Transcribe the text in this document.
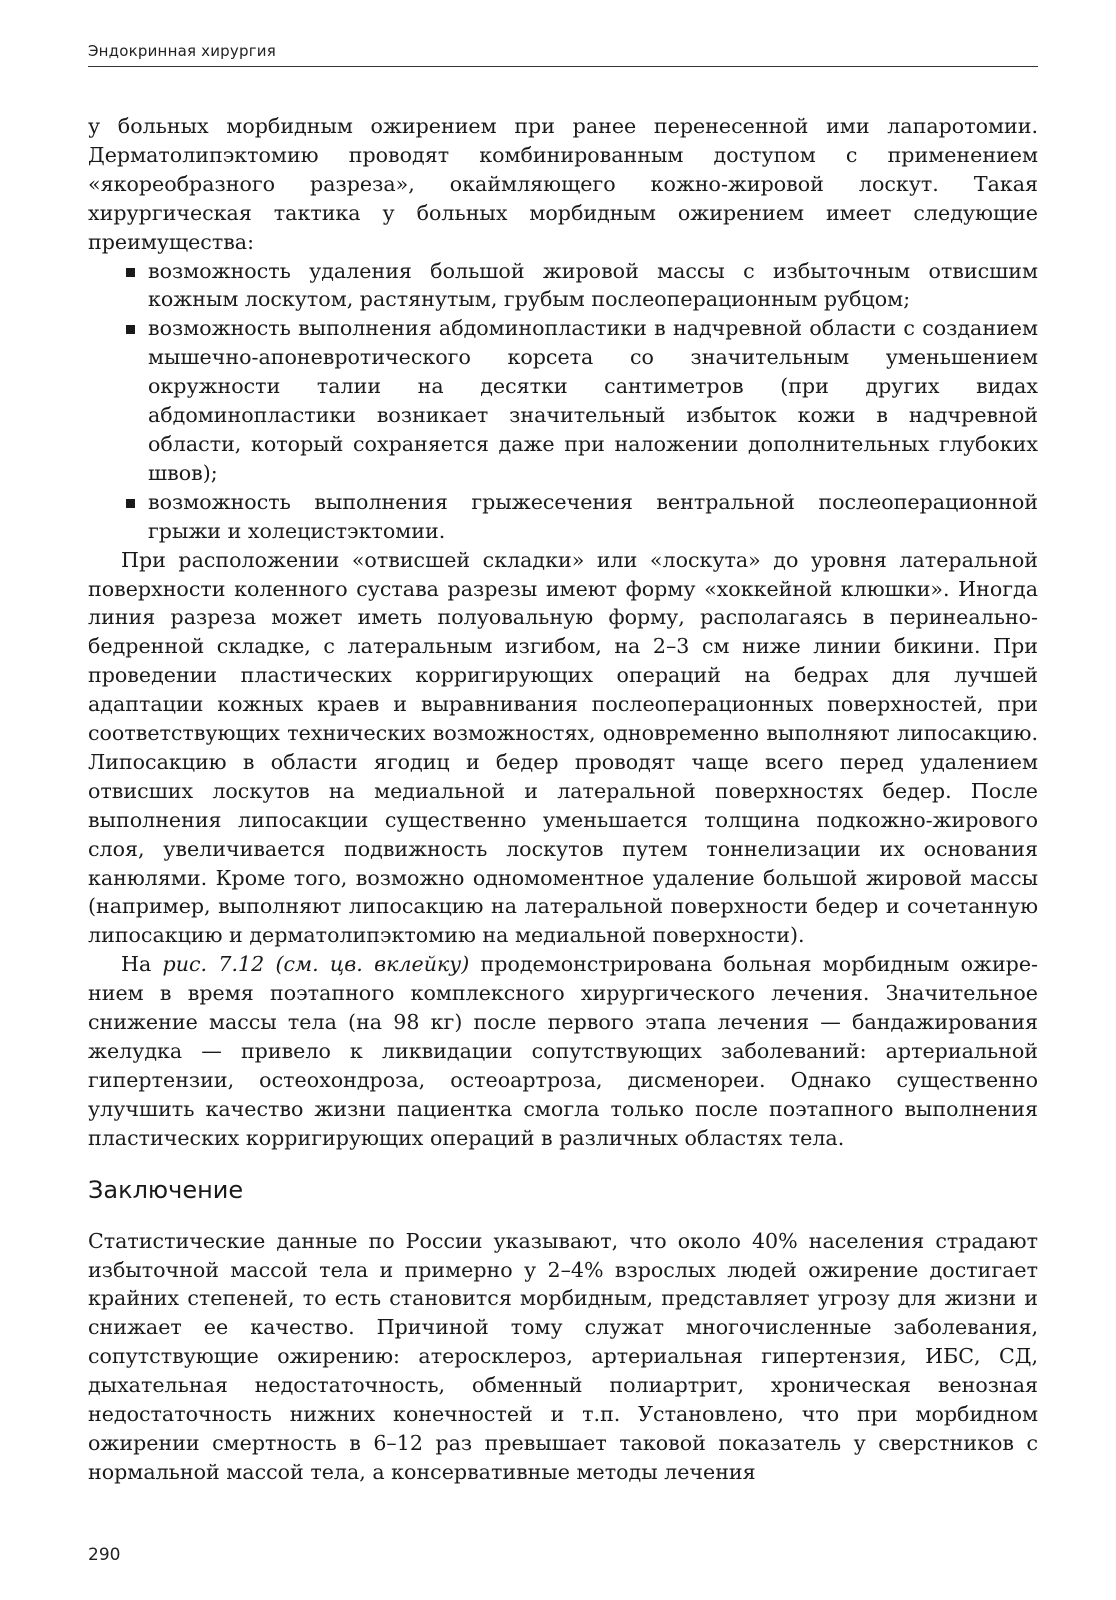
Эндокринная хирургия

у больных морбидным ожирением при ранее перенесенной ими лапаротомии. Дерматолипэктомию проводят комбинированным доступом с применением «якореобразного разреза», окаймляющего кожно-жировой лоскут. Такая хирургическая тактика у больных морбидным ожирением имеет следующие преимущества:

возможность удаления большой жировой массы с избыточным отвисшим кожным лоскутом, растянутым, грубым послеоперационным рубцом;
возможность выполнения абдоминопластики в надчревной области с созданием мышечно-апоневротического корсета со значительным уменьшением окружности талии на десятки сантиметров (при других видах абдоминопластики возникает значительный избыток кожи в надчревной области, который сохраняется даже при наложении дополнительных глубоких швов);
возможность выполнения грыжесечения вентральной послеоперационной грыжи и холецистэктомии.

При расположении «отвисшей складки» или «лоскута» до уровня латеральной поверхности коленного сустава разрезы имеют форму «хоккейной клюшки». Иногда линия разреза может иметь полуовальную форму, располагаясь в перинеально-бедренной складке, с латеральным изгибом, на 2–3 см ниже линии бикини. При проведении пластических корригирующих операций на бедрах для лучшей адаптации кожных краев и выравнивания послеоперационных поверхностей, при соответствующих технических возможностях, одновременно выполняют липосакцию. Липосакцию в области ягодиц и бедер проводят чаще всего перед удалением отвисших лоскутов на медиальной и латеральной поверхностях бедер. После выполнения липосакции существенно уменьшается толщина подкожно-жирового слоя, увеличивается подвижность лоскутов путем тоннелизации их основания канюлями. Кроме того, возможно одномоментное удаление большой жировой массы (например, выполняют липосакцию на латеральной поверхности бедер и сочетанную липосакцию и дерматолипэктомию на медиальной поверхности).

На рис. 7.12 (см. цв. вклейку) продемонстрирована больная морбидным ожирением в время поэтапного комплексного хирургического лечения. Значительное снижение массы тела (на 98 кг) после первого этапа лечения — бандажирования желудка — привело к ликвидации сопутствующих заболеваний: артериальной гипертензии, остеохондроза, остеоартроза, дисменореи. Однако существенно улучшить качество жизни пациентка смогла только после поэтапного выполнения пластических корригирующих операций в различных областях тела.

Заключение

Статистические данные по России указывают, что около 40% населения страдают избыточной массой тела и примерно у 2–4% взрослых людей ожирение достигает крайних степеней, то есть становится морбидным, представляет угрозу для жизни и снижает ее качество. Причиной тому служат многочисленные заболевания, сопутствующие ожирению: атеросклероз, артериальная гипертензия, ИБС, СД, дыхательная недостаточность, обменный полиартрит, хроническая венозная недостаточность нижних конечностей и т.п. Установлено, что при морбидном ожирении смертность в 6–12 раз превышает таковой показатель у сверстников с нормальной массой тела, а консервативные методы лечения

290
